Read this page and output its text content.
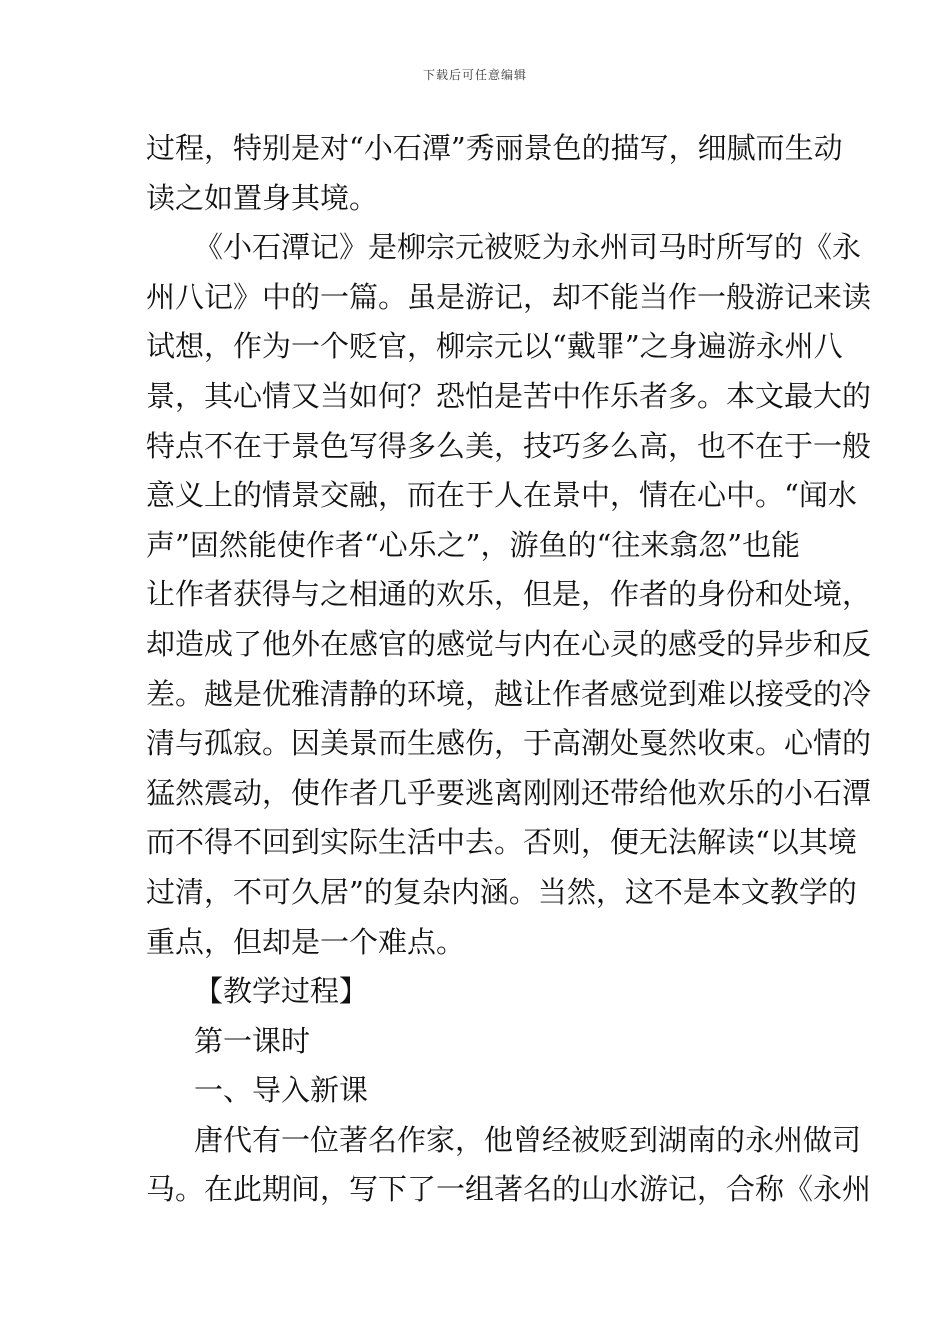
下载后可任意编辑
过程，特别是对“小石潭”秀丽景色的描写，细腻而生动
读之如置身其境。
《小石潭记》是柳宗元被贬为永州司马时所写的《永
州八记》中的一篇。虽是游记，却不能当作一般游记来读
试想，作为一个贬官，柳宗元以“戴罪”之身遍游永州八
景，其心情又当如何？恐怕是苦中作乐者多。本文最大的
特点不在于景色写得多么美，技巧多么高，也不在于一般
意义上的情景交融，而在于人在景中，情在心中。“闻水
声”固然能使作者“心乐之”，游鱼的“往来翕忽”也能
让作者获得与之相通的欢乐，但是，作者的身份和处境，
却造成了他外在感官的感觉与内在心灵的感受的异步和反
差。越是优雅清静的环境，越让作者感觉到难以接受的冷
清与孤寂。因美景而生感伤，于高潮处戛然收束。心情的
猛然震动，使作者几乎要逃离刚刚还带给他欢乐的小石潭
而不得不回到实际生活中去。否则，便无法解读“以其境
过清，不可久居”的复杂内涵。当然，这不是本文教学的
重点，但却是一个难点。
【教学过程】
第一课时
一、导入新课
唐代有一位著名作家，他曾经被贬到湖南的永州做司
马。在此期间，写下了一组著名的山水游记，合称《永州
